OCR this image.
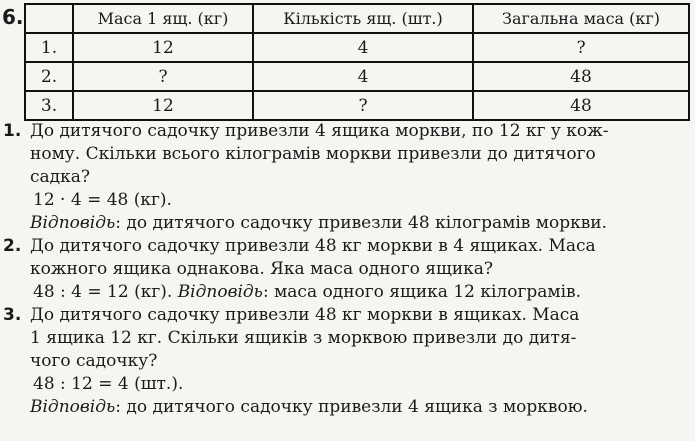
6.
		Маса 1 ящ. (кг)	Кількість ящ. (шт.)	Загальна маса (кг)
1.	12	4	?
2.	?	4	48
3.	12	?	48
1. До дитячого садочку привезли 4 ящика моркви, по 12 кг у кож-
ному. Скільки всього кілограмів моркви привезли до дитячого
садка?
12 · 4 = 48 (кг).
Відповідь: до дитячого садочку привезли 48 кілограмів моркви.
2. До дитячого садочку привезли 48 кг моркви в 4 ящиках. Маса
кожного ящика однакова. Яка маса одного ящика?
48 : 4 = 12 (кг). Відповідь: маса одного ящика 12 кілограмів.
3. До дитячого садочку привезли 48 кг моркви в ящиках. Маса
1 ящика 12 кг. Скільки ящиків з морквою привезли до дитя-
чого садочку?
48 : 12 = 4 (шт.).
Відповідь: до дитячого садочку привезли 4 ящика з морквою.
